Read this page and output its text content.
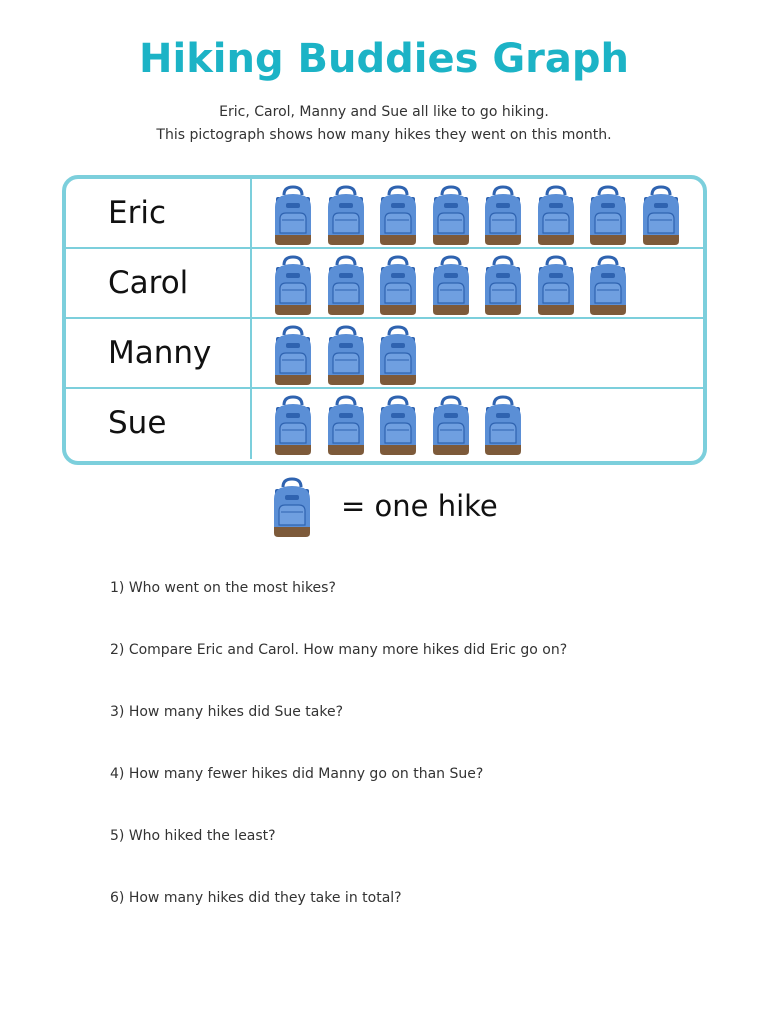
Hiking Buddies Graph
Eric, Carol, Manny and Sue all like to go hiking.
This pictograph shows how many hikes they went on this month.
Eric
Carol
Manny
Sue
= one hike
1) Who went on the most hikes?
2) Compare Eric and Carol. How many more hikes did Eric go on?
3) How many hikes did Sue take?
4) How many fewer hikes did Manny go on than Sue?
5) Who hiked the least?
6) How many hikes did they take in total?
